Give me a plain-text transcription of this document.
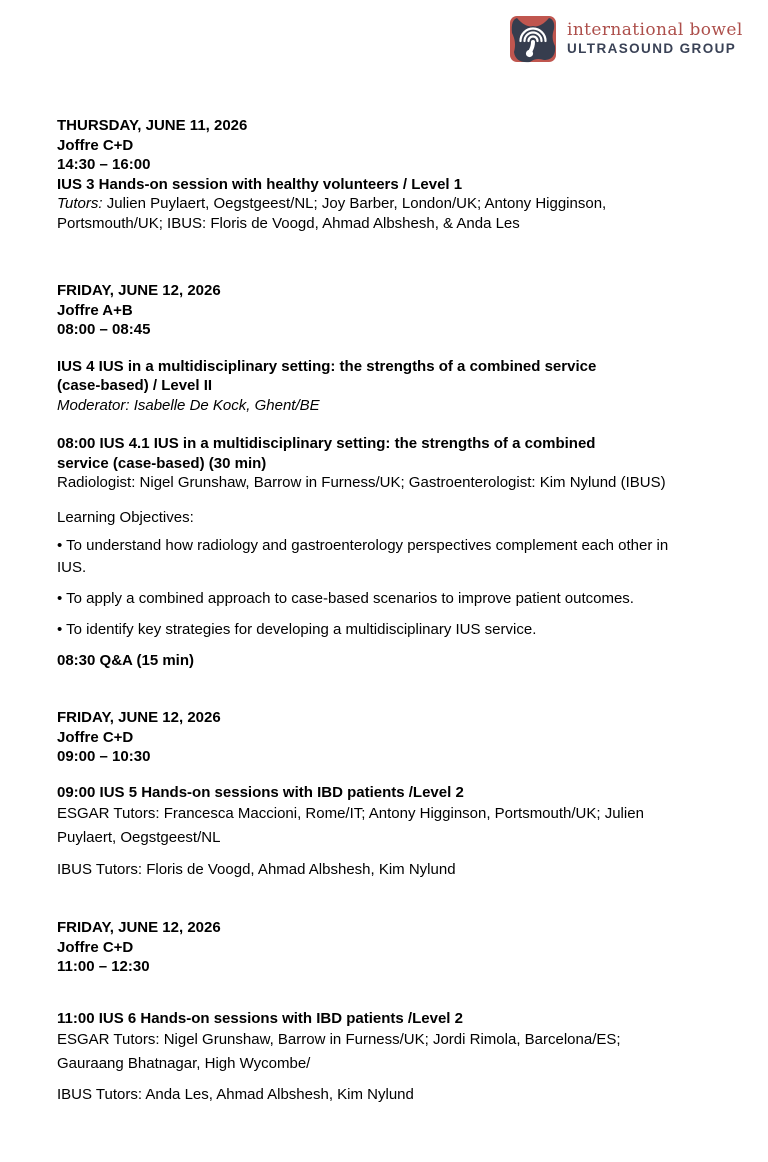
international bowel
ULTRASOUND GROUP
THURSDAY, JUNE 11, 2026
Joffre C+D
14:30 – 16:00
IUS 3 Hands-on session with healthy volunteers / Level 1
Tutors: Julien Puylaert, Oegstgeest/NL; Joy Barber, London/UK; Antony Higginson,
Portsmouth/UK; IBUS: Floris de Voogd, Ahmad Albshesh, & Anda Les
FRIDAY, JUNE 12, 2026
Joffre A+B
08:00 – 08:45
IUS 4 IUS in a multidisciplinary setting: the strengths of a combined service
(case-based) / Level II
Moderator: Isabelle De Kock, Ghent/BE
08:00 IUS 4.1 IUS in a multidisciplinary setting: the strengths of a combined
service (case-based) (30 min)
Radiologist: Nigel Grunshaw, Barrow in Furness/UK; Gastroenterologist: Kim Nylund (IBUS)
Learning Objectives:
• To understand how radiology and gastroenterology perspectives complement each other in
IUS.
• To apply a combined approach to case-based scenarios to improve patient outcomes.
• To identify key strategies for developing a multidisciplinary IUS service.
08:30 Q&A (15 min)
FRIDAY, JUNE 12, 2026
Joffre C+D
09:00 – 10:30
09:00 IUS 5 Hands-on sessions with IBD patients /Level 2
ESGAR Tutors: Francesca Maccioni, Rome/IT; Antony Higginson, Portsmouth/UK; Julien
Puylaert, Oegstgeest/NL
IBUS Tutors: Floris de Voogd, Ahmad Albshesh, Kim Nylund
FRIDAY, JUNE 12, 2026
Joffre C+D
11:00 – 12:30
11:00 IUS 6 Hands-on sessions with IBD patients /Level 2
ESGAR Tutors: Nigel Grunshaw, Barrow in Furness/UK; Jordi Rimola, Barcelona/ES;
Gauraang Bhatnagar, High Wycombe/
IBUS Tutors: Anda Les, Ahmad Albshesh, Kim Nylund
